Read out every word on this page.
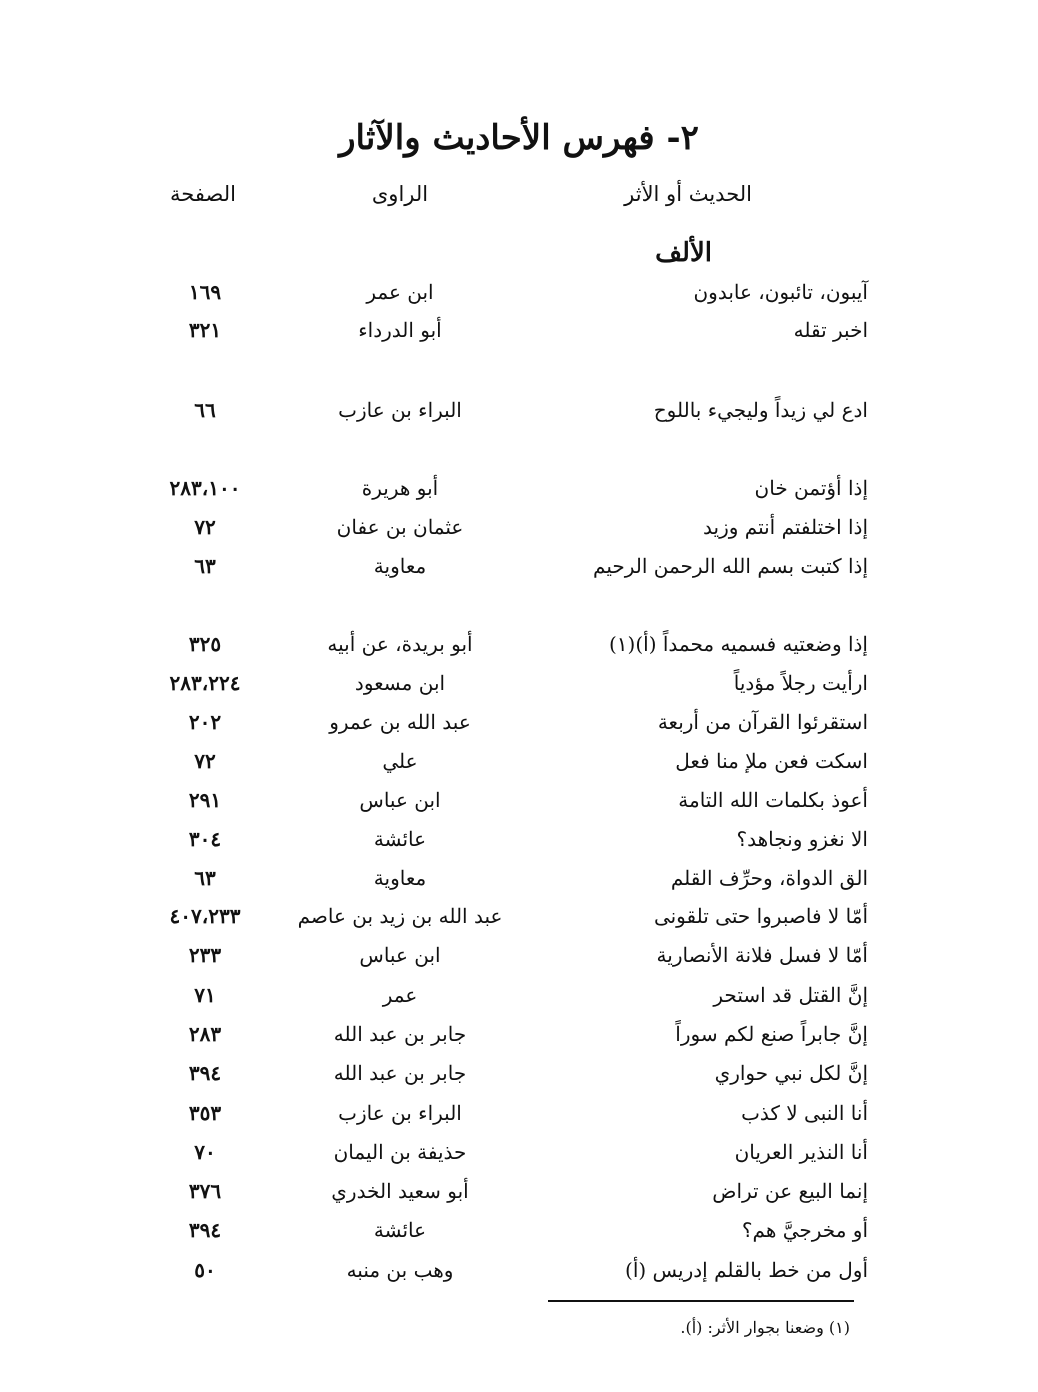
٢- فهرس الأحاديث والآثار
الحديث أو الأثر
الراوى
الصفحة
الألف
آيبون، تائبون، عابدون
ابن عمر
١٦٩
اخبر تقله
أبو الدرداء
٣٢١
ادع لي زيداً وليجيء باللوح
البراء بن عازب
٦٦
إذا أؤتمن خان
أبو هريرة
٢٨٣،١٠٠
إذا اختلفتم أنتم وزيد
عثمان بن عفان
٧٢
إذا كتبت بسم الله الرحمن الرحيم
معاوية
٦٣
إذا وضعتيه فسميه محمداً (أ)(١)
أبو بريدة، عن أبيه
٣٢٥
ارأيت رجلاً مؤدياً
ابن مسعود
٢٨٣،٢٢٤
استقرئوا القرآن من أربعة
عبد الله بن عمرو
٢٠٢
اسكت فعن ملإ منا فعل
علي
٧٢
أعوذ بكلمات الله التامة
ابن عباس
٢٩١
الا نغزو ونجاهد؟
عائشة
٣٠٤
الق الدواة، وحرِّف القلم
معاوية
٦٣
أمّا لا فاصبروا حتى تلقونى
عبد الله بن زيد بن عاصم
٤٠٧،٢٣٣
أمّا لا فسل فلانة الأنصارية
ابن عباس
٢٣٣
إنَّ القتل قد استحر
عمر
٧١
إنَّ جابراً صنع لكم سوراً
جابر بن عبد الله
٢٨٣
إنَّ لكل نبي حواري
جابر بن عبد الله
٣٩٤
أنا النبى لا كذب
البراء بن عازب
٣٥٣
أنا النذير العريان
حذيفة بن اليمان
٧٠
إنما البيع عن تراض
أبو سعيد الخدري
٣٧٦
أو مخرجيَّ هم؟
عائشة
٣٩٤
أول من خط بالقلم إدريس (أ)
وهب بن منبه
٥٠
(١) وضعنا بجوار الأثر: (أ).
